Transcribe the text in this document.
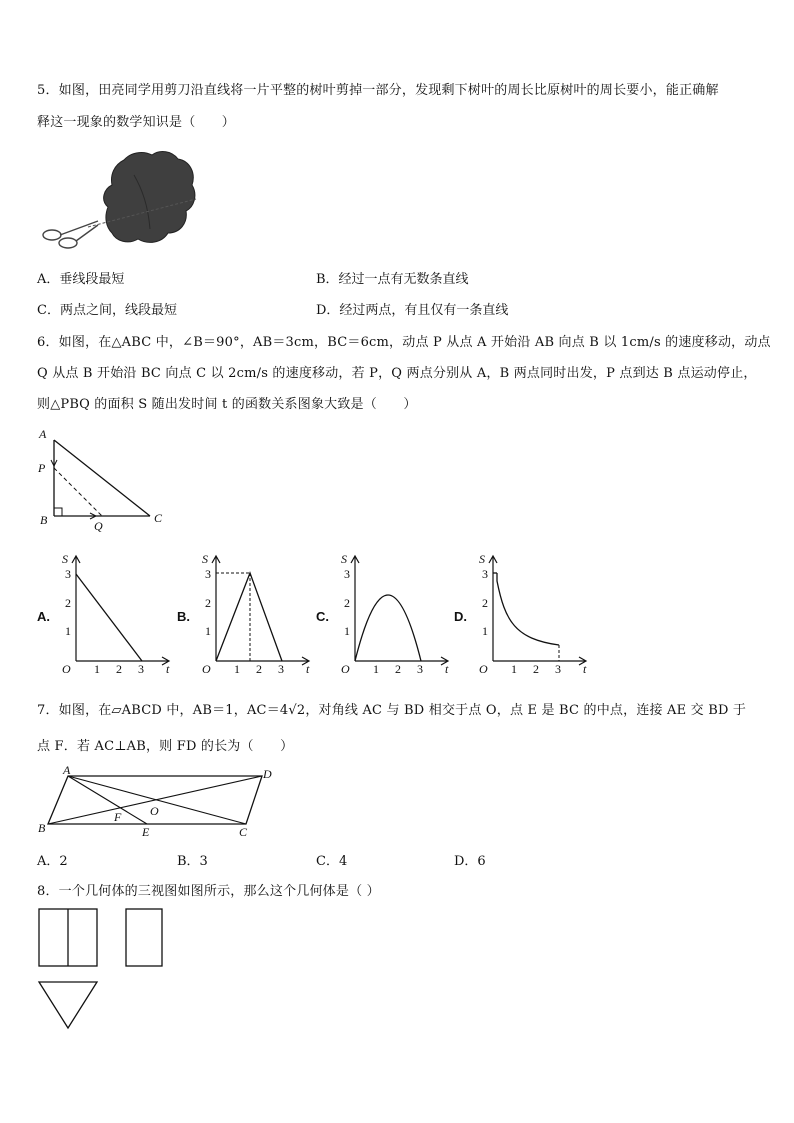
5．如图，田亮同学用剪刀沿直线将一片平整的树叶剪掉一部分，发现剩下树叶的周长比原树叶的周长要小，能正确解
释这一现象的数学知识是（　　）
A．垂线段最短	B．经过一点有无数条直线
C．两点之间，线段最短	D．经过两点，有且仅有一条直线
6．如图，在△ABC 中，∠B＝90°，AB＝3cm，BC＝6cm，动点 P 从点 A 开始沿 AB 向点 B 以 1cm/s 的速度移动，动点
Q 从点 B 开始沿 BC 向点 C 以 2cm/s 的速度移动，若 P，Q 两点分别从 A，B 两点同时出发，P 点到达 B 点运动停止，
则△PBQ 的面积 S 随出发时间 t 的函数关系图象大致是（　　）
A
P
B	Q
C
A.	B.	C.	D.
S
t
O
1
2
3
1 2 3
S
t
O
1
2
3
1 2 3
S
t
O
1
2
3
1 2 3
S
t
O
1
2
3
1 2 3
7．如图，在▱ABCD 中，AB＝1，AC＝4√2，对角线 AC 与 BD 相交于点 O，点 E 是 BC 的中点，连接 AE 交 BD 于
点 F．若 AC⊥AB，则 FD 的长为（　　）
A	D
O
F
B	E	C
A．2	B．3	C．4	D．6
8．一个几何体的三视图如图所示，那么这个几何体是（ ）
